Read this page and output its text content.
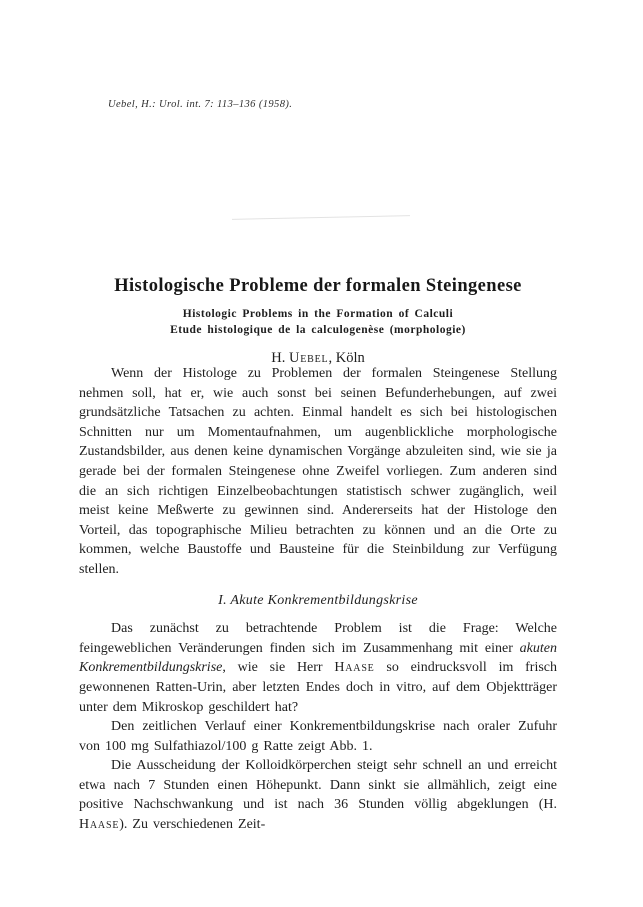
Uebel, H.: Urol. int. 7: 113–136 (1958).
Histologische Probleme der formalen Steingenese

Histologic Problems in the Formation of Calculi

Etude histologique de la calculogenèse (morphologie)

H. Uebel, Köln

Wenn der Histologe zu Problemen der formalen Steingenese Stellung nehmen soll, hat er, wie auch sonst bei seinen Befunderhebungen, auf zwei grundsätzliche Tatsachen zu achten. Einmal handelt es sich bei histologischen Schnitten nur um Momentaufnahmen, um augenblickliche morphologische Zustandsbilder, aus denen keine dynamischen Vorgänge abzuleiten sind, wie sie ja gerade bei der formalen Steingenese ohne Zweifel vorliegen. Zum anderen sind die an sich richtigen Einzelbeobachtungen statistisch schwer zugänglich, weil meist keine Meßwerte zu gewinnen sind. Andererseits hat der Histologe den Vorteil, das topographische Milieu betrachten zu können und an die Orte zu kommen, welche Baustoffe und Bausteine für die Steinbildung zur Verfügung stellen.

I. Akute Konkrementbildungskrise

Das zunächst zu betrachtende Problem ist die Frage: Welche feingeweblichen Veränderungen finden sich im Zusammenhang mit einer akuten Konkrementbildungskrise, wie sie Herr Haase so eindrucksvoll im frisch gewonnenen Ratten-Urin, aber letzten Endes doch in vitro, auf dem Objektträger unter dem Mikroskop geschildert hat?

Den zeitlichen Verlauf einer Konkrementbildungskrise nach oraler Zufuhr von 100 mg Sulfathiazol/100 g Ratte zeigt Abb. 1.

Die Ausscheidung der Kolloidkörperchen steigt sehr schnell an und erreicht etwa nach 7 Stunden einen Höhepunkt. Dann sinkt sie allmählich, zeigt eine positive Nachschwankung und ist nach 36 Stunden völlig abgeklungen (H. Haase). Zu verschiedenen Zeit-
